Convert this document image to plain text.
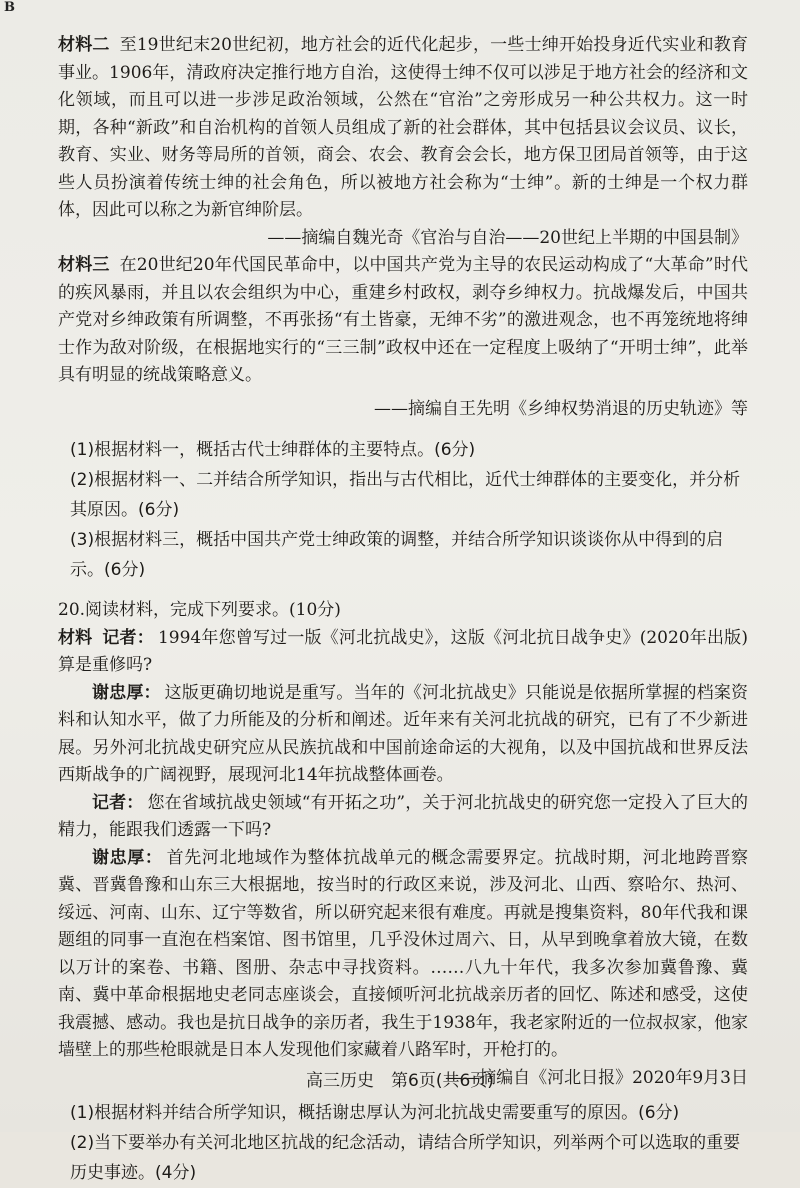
B

材料二 至19世纪末20世纪初，地方社会的近代化起步，一些士绅开始投身近代实业和教育事业。1906年，清政府决定推行地方自治，这使得士绅不仅可以涉足于地方社会的经济和文化领域，而且可以进一步涉足政治领域，公然在“官治”之旁形成另一种公共权力。这一时期，各种“新政”和自治机构的首领人员组成了新的社会群体，其中包括县议会议员、议长，教育、实业、财务等局所的首领，商会、农会、教育会会长，地方保卫团局首领等，由于这些人员扮演着传统士绅的社会角色，所以被地方社会称为“士绅”。新的士绅是一个权力群体，因此可以称之为新官绅阶层。

——摘编自魏光奇《官治与自治——20世纪上半期的中国县制》

材料三 在20世纪20年代国民革命中，以中国共产党为主导的农民运动构成了“大革命”时代的疾风暴雨，并且以农会组织为中心，重建乡村政权，剥夺乡绅权力。抗战爆发后，中国共产党对乡绅政策有所调整，不再张扬“有土皆豪，无绅不劣”的激进观念，也不再笼统地将绅士作为敌对阶级，在根据地实行的“三三制”政权中还在一定程度上吸纳了“开明士绅”，此举具有明显的统战策略意义。

——摘编自王先明《乡绅权势消退的历史轨迹》等

(1)根据材料一，概括古代士绅群体的主要特点。(6分)

(2)根据材料一、二并结合所学知识，指出与古代相比，近代士绅群体的主要变化，并分析其原因。(6分)

(3)根据材料三，概括中国共产党士绅政策的调整，并结合所学知识谈谈你从中得到的启示。(6分)

20.阅读材料，完成下列要求。(10分)

材料 记者： 1994年您曾写过一版《河北抗战史》，这版《河北抗日战争史》(2020年出版)算是重修吗?

谢忠厚： 这版更确切地说是重写。当年的《河北抗战史》只能说是依据所掌握的档案资料和认知水平，做了力所能及的分析和阐述。近年来有关河北抗战的研究，已有了不少新进展。另外河北抗战史研究应从民族抗战和中国前途命运的大视角，以及中国抗战和世界反法西斯战争的广阔视野，展现河北14年抗战整体画卷。

记者： 您在省域抗战史领域“有开拓之功”，关于河北抗战史的研究您一定投入了巨大的精力，能跟我们透露一下吗?

谢忠厚： 首先河北地域作为整体抗战单元的概念需要界定。抗战时期，河北地跨晋察冀、晋冀鲁豫和山东三大根据地，按当时的行政区来说，涉及河北、山西、察哈尔、热河、绥远、河南、山东、辽宁等数省，所以研究起来很有难度。再就是搜集资料，80年代我和课题组的同事一直泡在档案馆、图书馆里，几乎没休过周六、日，从早到晚拿着放大镜，在数以万计的案卷、书籍、图册、杂志中寻找资料。……八九十年代，我多次参加冀鲁豫、冀南、冀中革命根据地史老同志座谈会，直接倾听河北抗战亲历者的回忆、陈述和感受，这使我震撼、感动。我也是抗日战争的亲历者，我生于1938年，我老家附近的一位叔叔家，他家墙壁上的那些枪眼就是日本人发现他们家藏着八路军时，开枪打的。

——摘编自《河北日报》2020年9月3日

(1)根据材料并结合所学知识，概括谢忠厚认为河北抗战史需要重写的原因。(6分)

(2)当下要举办有关河北地区抗战的纪念活动，请结合所学知识，列举两个可以选取的重要历史事迹。(4分)

高三历史　第6页(共6页)
